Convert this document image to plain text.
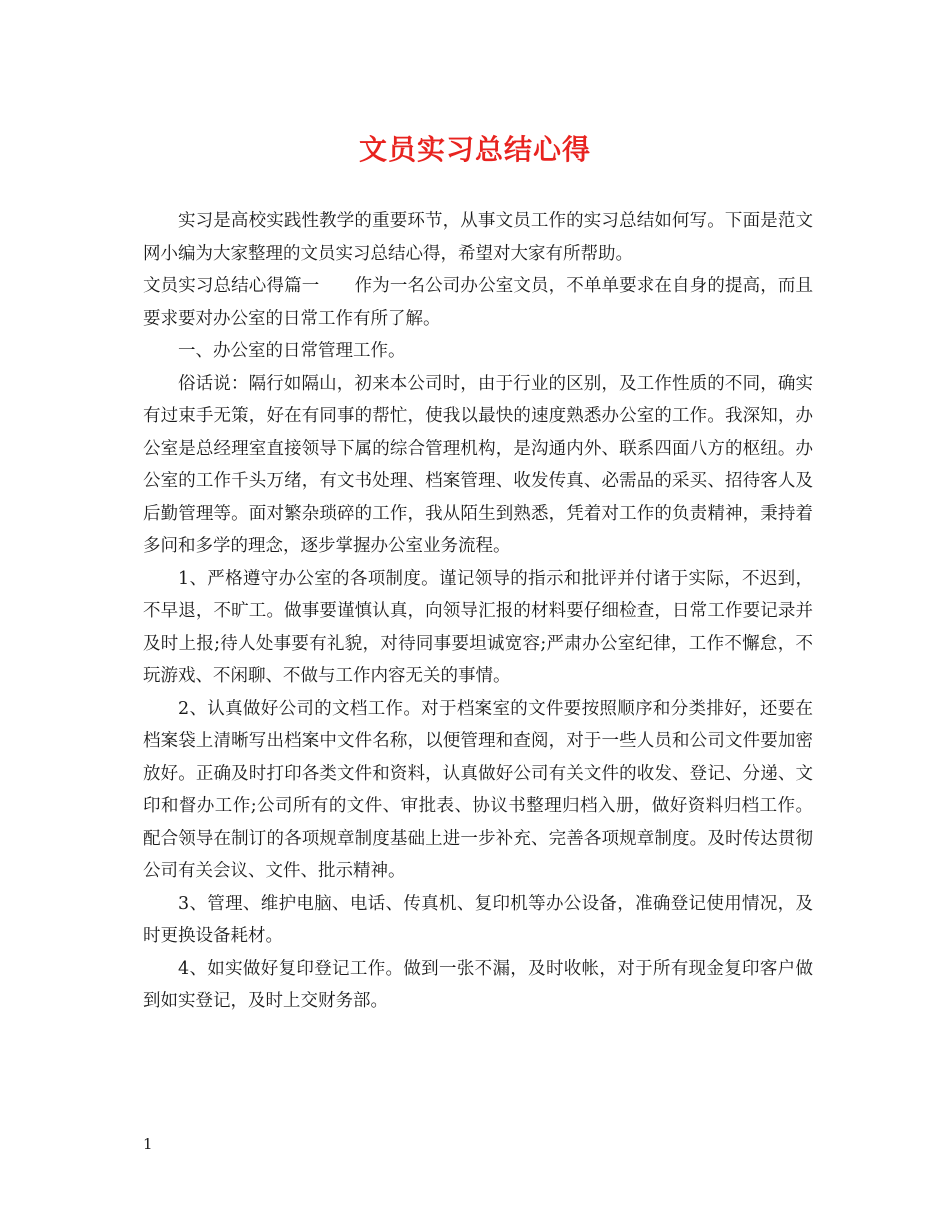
文员实习总结心得

实习是高校实践性教学的重要环节，从事文员工作的实习总结如何写。下面是范文网小编为大家整理的文员实习总结心得，希望对大家有所帮助。

文员实习总结心得篇一　　作为一名公司办公室文员，不单单要求在自身的提高，而且要求要对办公室的日常工作有所了解。

一、办公室的日常管理工作。

俗话说：隔行如隔山，初来本公司时，由于行业的区别，及工作性质的不同，确实有过束手无策，好在有同事的帮忙，使我以最快的速度熟悉办公室的工作。我深知，办公室是总经理室直接领导下属的综合管理机构，是沟通内外、联系四面八方的枢纽。办公室的工作千头万绪，有文书处理、档案管理、收发传真、必需品的采买、招待客人及后勤管理等。面对繁杂琐碎的工作，我从陌生到熟悉，凭着对工作的负责精神，秉持着多问和多学的理念，逐步掌握办公室业务流程。

1、严格遵守办公室的各项制度。谨记领导的指示和批评并付诸于实际，不迟到，不早退，不旷工。做事要谨慎认真，向领导汇报的材料要仔细检查，日常工作要记录并及时上报;待人处事要有礼貌，对待同事要坦诚宽容;严肃办公室纪律，工作不懈怠，不玩游戏、不闲聊、不做与工作内容无关的事情。

2、认真做好公司的文档工作。对于档案室的文件要按照顺序和分类排好，还要在档案袋上清晰写出档案中文件名称，以便管理和查阅，对于一些人员和公司文件要加密放好。正确及时打印各类文件和资料，认真做好公司有关文件的收发、登记、分递、文印和督办工作;公司所有的文件、审批表、协议书整理归档入册，做好资料归档工作。配合领导在制订的各项规章制度基础上进一步补充、完善各项规章制度。及时传达贯彻公司有关会议、文件、批示精神。

3、管理、维护电脑、电话、传真机、复印机等办公设备，准确登记使用情况，及时更换设备耗材。

4、如实做好复印登记工作。做到一张不漏，及时收帐，对于所有现金复印客户做到如实登记，及时上交财务部。

1
